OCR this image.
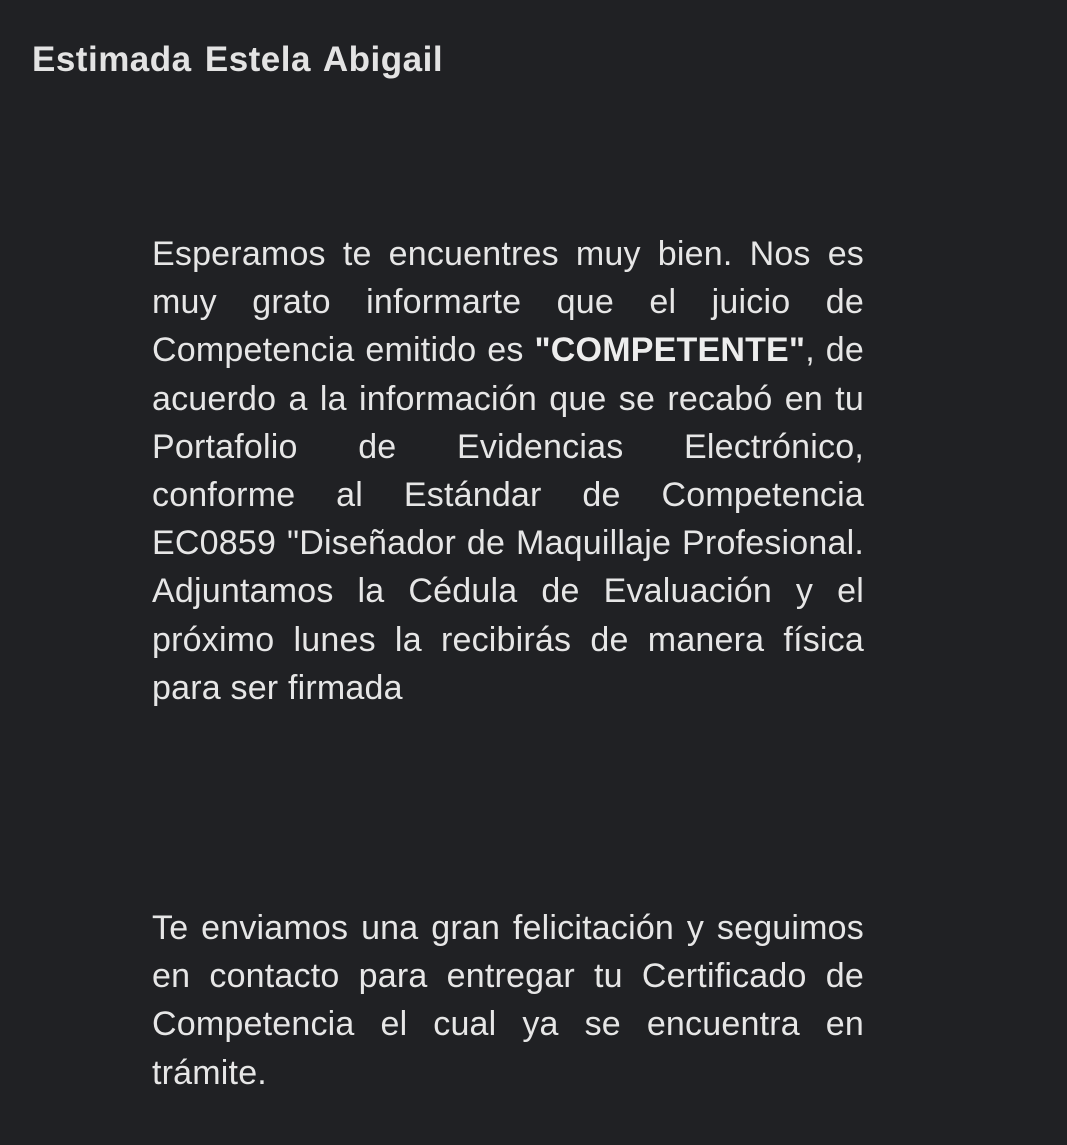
Estimada Estela Abigail

Esperamos te encuentres muy bien. Nos es muy grato informarte que el juicio de Competencia emitido es "COMPETENTE", de acuerdo a la información que se recabó en tu Portafolio de Evidencias Electrónico, conforme al Estándar de Competencia EC0859 "Diseñador de Maquillaje Profesional. Adjuntamos la Cédula de Evaluación y el próximo lunes la recibirás de manera física para ser firmada

Te enviamos una gran felicitación y seguimos en contacto para entregar tu Certificado de Competencia el cual ya se encuentra en trámite.
